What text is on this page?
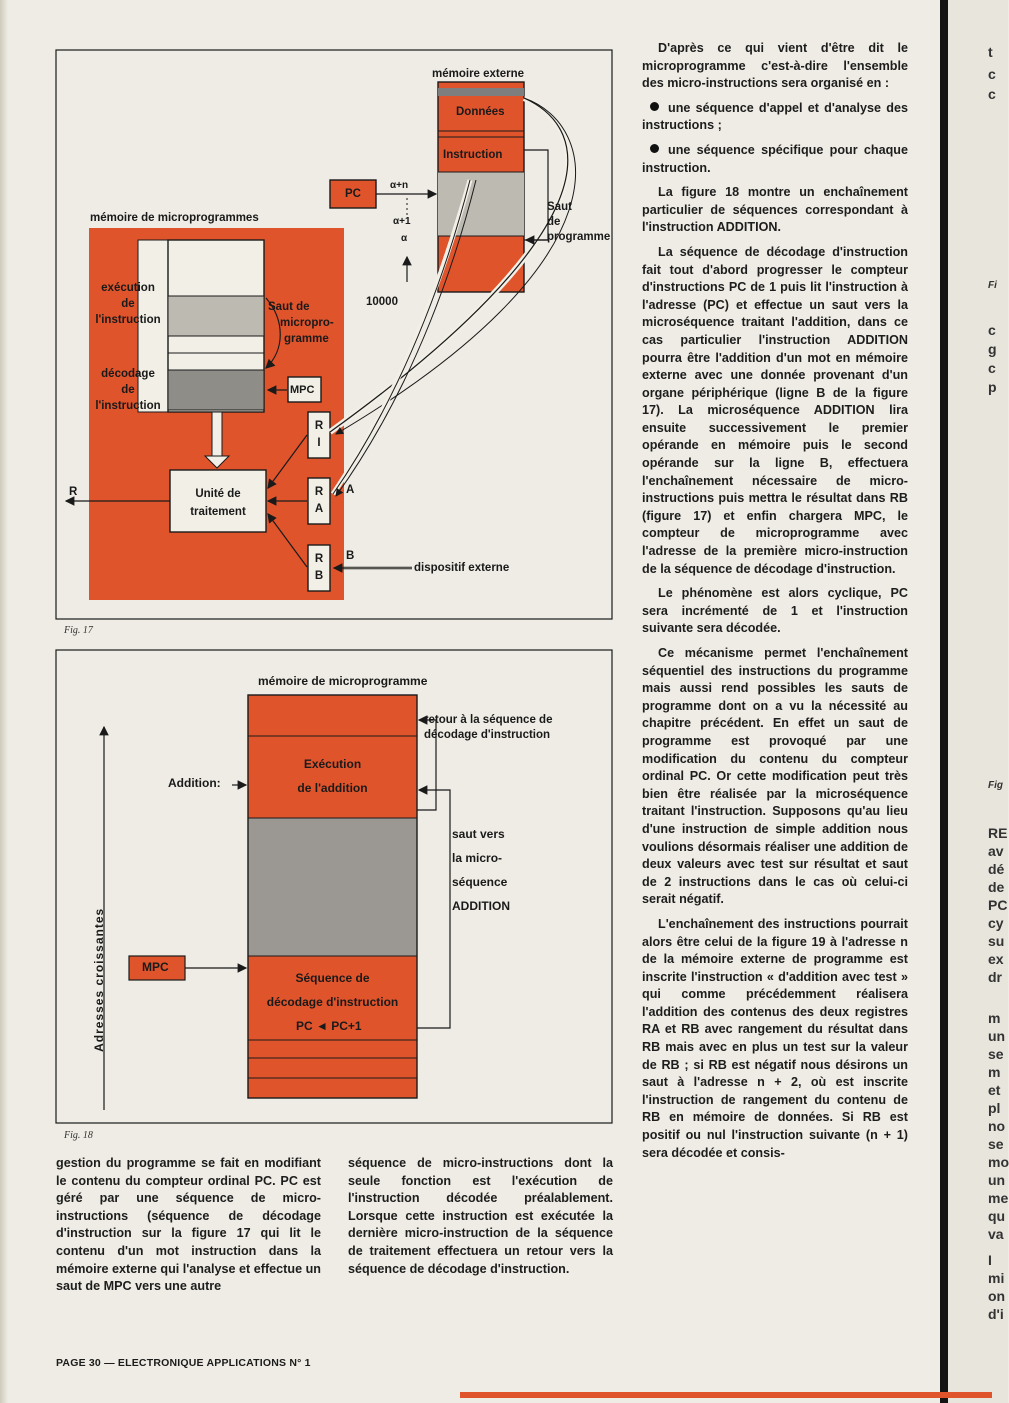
mémoire externe
Données
Instruction
PC
α+n
α+1
α
Saut
de
programme
mémoire de microprogrammes
exécution
de
l'instruction
décodage
de
l'instruction
Saut de
micropro-
gramme
10000
MPC
R
I
R
A
R
B
A
B
R	Unité de
traitement
dispositif externe
Fig. 17
mémoire de microprogramme
retour à la séquence de
décodage d'instruction
Addition:
Exécution
de l'addition
saut vers
la micro-
séquence
ADDITION
Adresses croissantes	MPC
Séquence de
décodage d'instruction
PC ◄ PC+1
Fig. 18

gestion du programme se fait en modifiant le contenu du compteur ordinal PC. PC est géré par une séquence de micro-instructions (séquence de décodage d'instruction sur la figure 17 qui lit le contenu d'un mot instruction dans la mémoire externe qui l'analyse et effectue un saut de MPC vers une autre

séquence de micro-instructions dont la seule fonction est l'exécution de l'instruction décodée préalablement. Lorsque cette instruction est exécutée la dernière micro-instruction de la séquence de traitement effectuera un retour vers la séquence de décodage d'instruction.

D'après ce qui vient d'être dit le microprogramme c'est-à-dire l'ensemble des micro-instructions sera organisé en :

une séquence d'appel et d'analyse des instructions ;

une séquence spécifique pour chaque instruction.

La figure 18 montre un enchaînement particulier de séquences correspondant à l'instruction ADDITION.

La séquence de décodage d'instruction fait tout d'abord progresser le compteur d'instructions PC de 1 puis lit l'instruction à l'adresse (PC) et effectue un saut vers la microséquence traitant l'addition, dans ce cas particulier l'instruction ADDITION pourra être l'addition d'un mot en mémoire externe avec une donnée provenant d'un organe périphérique (ligne B de la figure 17). La microséquence ADDITION lira ensuite successivement le premier opérande en mémoire puis le second opérande sur la ligne B, effectuera l'enchaînement nécessaire de micro-instructions puis mettra le résultat dans RB (figure 17) et enfin chargera MPC, le compteur de microprogramme avec l'adresse de la première micro-instruction de la séquence de décodage d'instruction.

Le phénomène est alors cyclique, PC sera incrémenté de 1 et l'instruction suivante sera décodée.

Ce mécanisme permet l'enchaînement séquentiel des instructions du programme mais aussi rend possibles les sauts de programme dont on a vu la nécessité au chapitre précédent. En effet un saut de programme est provoqué par une modification du contenu du compteur ordinal PC. Or cette modification peut très bien être réalisée par la microséquence traitant l'instruction. Supposons qu'au lieu d'une instruction de simple addition nous voulions désormais réaliser une addition de deux valeurs avec test sur résultat et saut de 2 instructions dans le cas où celui-ci serait négatif.

L'enchaînement des instructions pourrait alors être celui de la figure 19 à l'adresse n de la mémoire externe de programme est inscrite l'instruction « d'addition avec test » qui comme précédemment réalisera l'addition des contenus des deux registres RA et RB avec rangement du résultat dans RB mais avec en plus un test sur la valeur de RB ; si RB est négatif nous désirons un saut à l'adresse n + 2, où est inscrite l'instruction de rangement du contenu de RB en mémoire de données. Si RB est positif ou nul l'instruction suivante (n + 1) sera décodée et consis-

PAGE 30 — ELECTRONIQUE APPLICATIONS N° 1
t
c
c
Fi
c
g
c
p
Fig
RE
av
dé
de
PC
cy
su
ex
dr
m
un
se
m
et
pl
no
se
mo
un
me
qu
va
I
mi
on
d'i
